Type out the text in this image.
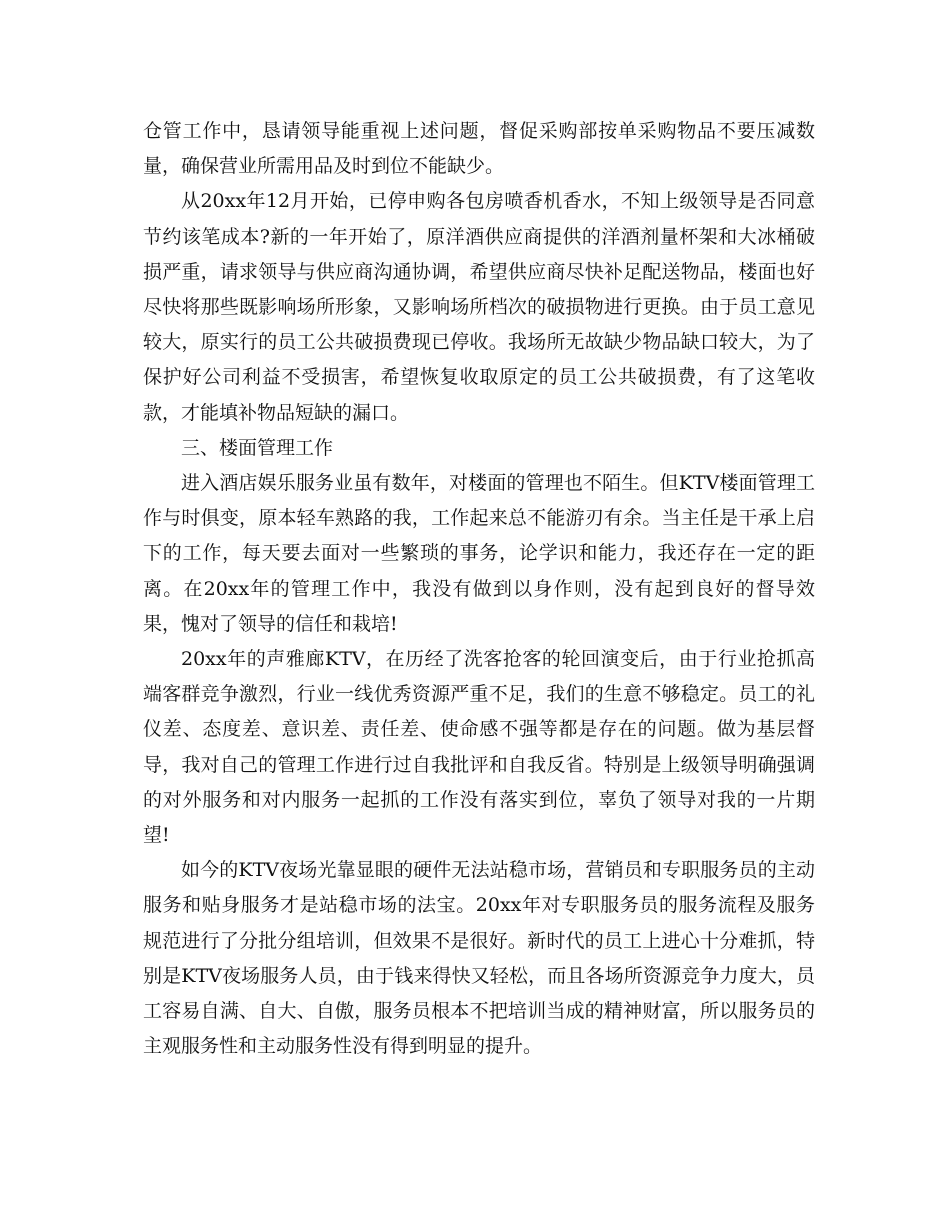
仓管工作中，恳请领导能重视上述问题，督促采购部按单采购物品不要压减数量，确保营业所需用品及时到位不能缺少。

从20xx年12月开始，已停申购各包房喷香机香水，不知上级领导是否同意节约该笔成本?新的一年开始了，原洋酒供应商提供的洋酒剂量杯架和大冰桶破损严重，请求领导与供应商沟通协调，希望供应商尽快补足配送物品，楼面也好尽快将那些既影响场所形象，又影响场所档次的破损物进行更换。由于员工意见较大，原实行的员工公共破损费现已停收。我场所无故缺少物品缺口较大，为了保护好公司利益不受损害，希望恢复收取原定的员工公共破损费，有了这笔收款，才能填补物品短缺的漏口。

三、楼面管理工作

进入酒店娱乐服务业虽有数年，对楼面的管理也不陌生。但KTV楼面管理工作与时俱变，原本轻车熟路的我，工作起来总不能游刃有余。当主任是干承上启下的工作，每天要去面对一些繁琐的事务，论学识和能力，我还存在一定的距离。在20xx年的管理工作中，我没有做到以身作则，没有起到良好的督导效果，愧对了领导的信任和栽培!

20xx年的声雅廊KTV，在历经了洗客抢客的轮回演变后，由于行业抢抓高端客群竞争激烈，行业一线优秀资源严重不足，我们的生意不够稳定。员工的礼仪差、态度差、意识差、责任差、使命感不强等都是存在的问题。做为基层督导，我对自己的管理工作进行过自我批评和自我反省。特别是上级领导明确强调的对外服务和对内服务一起抓的工作没有落实到位，辜负了领导对我的一片期望!

如今的KTV夜场光靠显眼的硬件无法站稳市场，营销员和专职服务员的主动服务和贴身服务才是站稳市场的法宝。20xx年对专职服务员的服务流程及服务规范进行了分批分组培训，但效果不是很好。新时代的员工上进心十分难抓，特别是KTV夜场服务人员，由于钱来得快又轻松，而且各场所资源竞争力度大，员工容易自满、自大、自傲，服务员根本不把培训当成的精神财富，所以服务员的主观服务性和主动服务性没有得到明显的提升。
